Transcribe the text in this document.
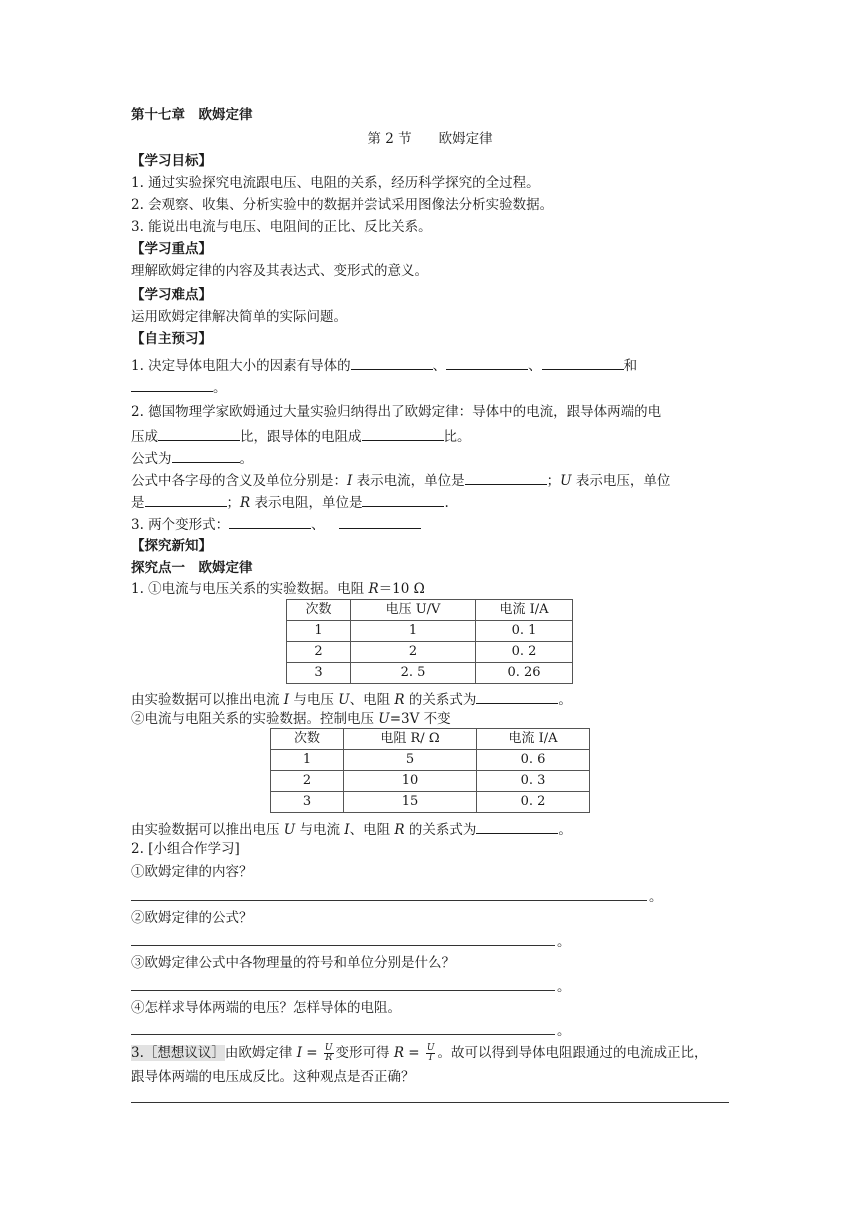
第十七章　欧姆定律
第 2 节　　欧姆定律
【学习目标】
1. 通过实验探究电流跟电压、电阻的关系，经历科学探究的全过程。
2. 会观察、收集、分析实验中的数据并尝试采用图像法分析实验数据。
3. 能说出电流与电压、电阻间的正比、反比关系。
【学习重点】
理解欧姆定律的内容及其表达式、变形式的意义。
【学习难点】
运用欧姆定律解决简单的实际问题。
【自主预习】
1. 决定导体电阻大小的因素有导体的	、	、	和
。
2. 德国物理学家欧姆通过大量实验归纳得出了欧姆定律：导体中的电流，跟导体两端的电
压成	比，跟导体的电阻成	比。
公式为	。
公式中各字母的含义及单位分别是：I 表示电流，单位是	；U 表示电压，单位
是	；R 表示电阻，单位是	.
3. 两个变形式：	、
【探究新知】
探究点一　欧姆定律
1. ①电流与电压关系的实验数据。电阻 R＝10 Ω
次数	电压 U/V	电流 I/A
1	1	0. 1
2	2	0. 2
3	2. 5	0. 26
由实验数据可以推出电流 I 与电压 U、电阻 R 的关系式为	。
②电流与电阻关系的实验数据。控制电压 U=3V 不变
次数	电阻 R/ Ω	电流 I/A
1	5	0. 6
2	10	0. 3
3	15	0. 2
由实验数据可以推出电压 U 与电流 I、电阻 R 的关系式为	。
2. [小组合作学习]
①欧姆定律的内容？
。
②欧姆定律的公式？
。
③欧姆定律公式中各物理量的符号和单位分别是什么？
。
④怎样求导体两端的电压？怎样导体的电阻。
。
3.［想想议议］由欧姆定律 $I = \frac{U}{R}$ 变形可得 $R = \frac{U}{I}$ 。故可以得到导体电阻跟通过的电流成正比，
跟导体两端的电压成反比。这种观点是否正确？
